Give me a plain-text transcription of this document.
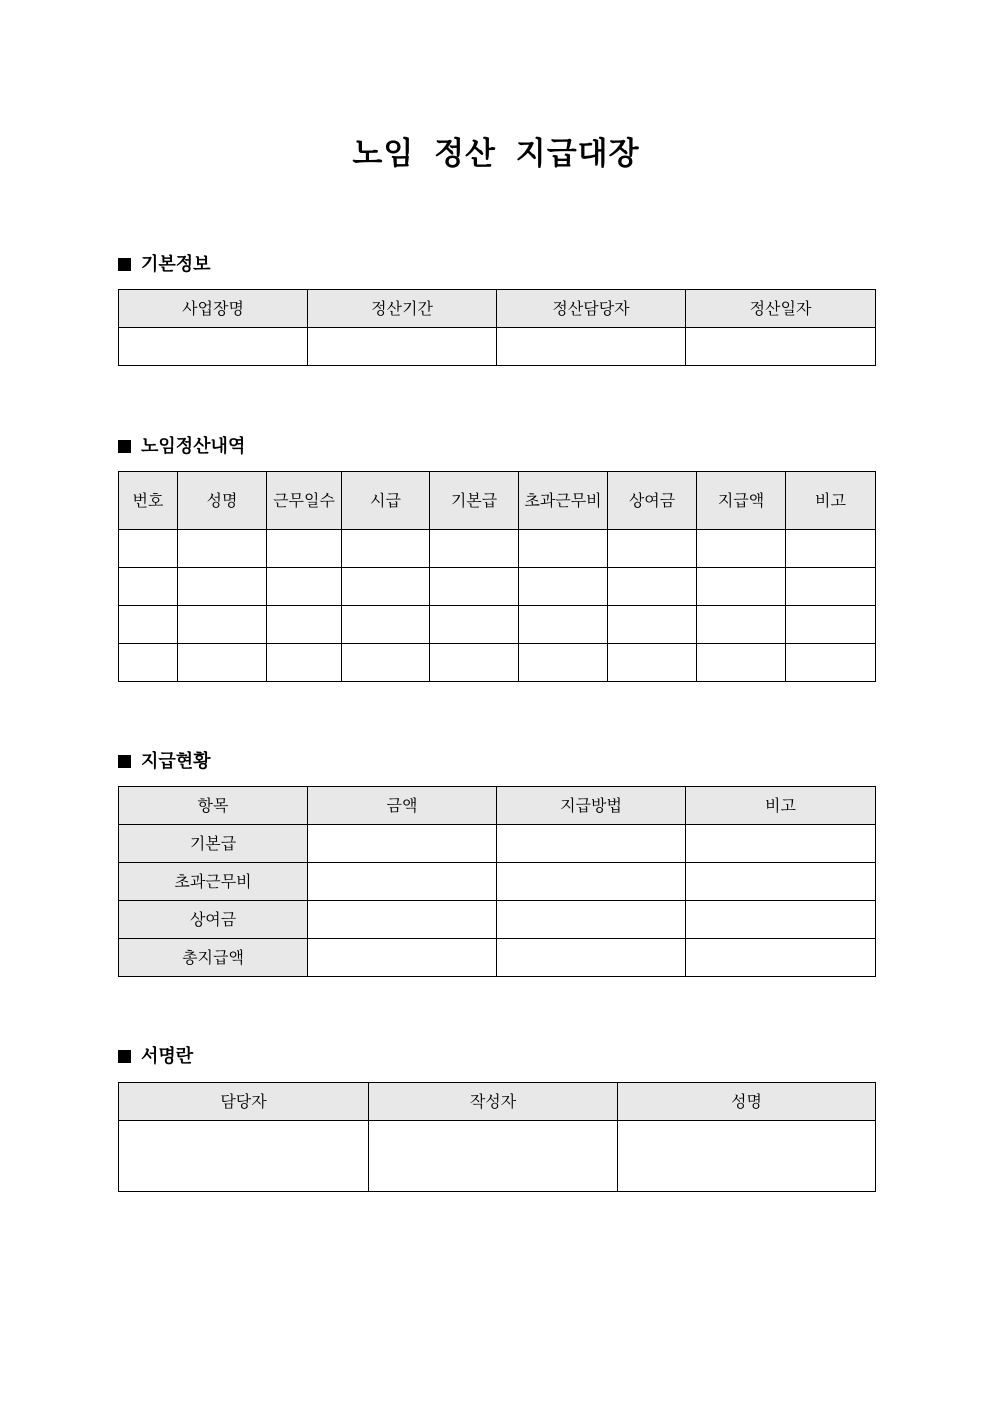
노임 정산 지급대장
기본정보
사업장명	정산기간	정산담당자	정산일자

노임정산내역
번호	성명	근무일수	시급	기본급	초과근무비	상여금	지급액	비고

지급현황
항목	금액	지급방법	비고
기본급			
초과근무비			
상여금			
총지급액			
서명란
담당자	작성자	성명
